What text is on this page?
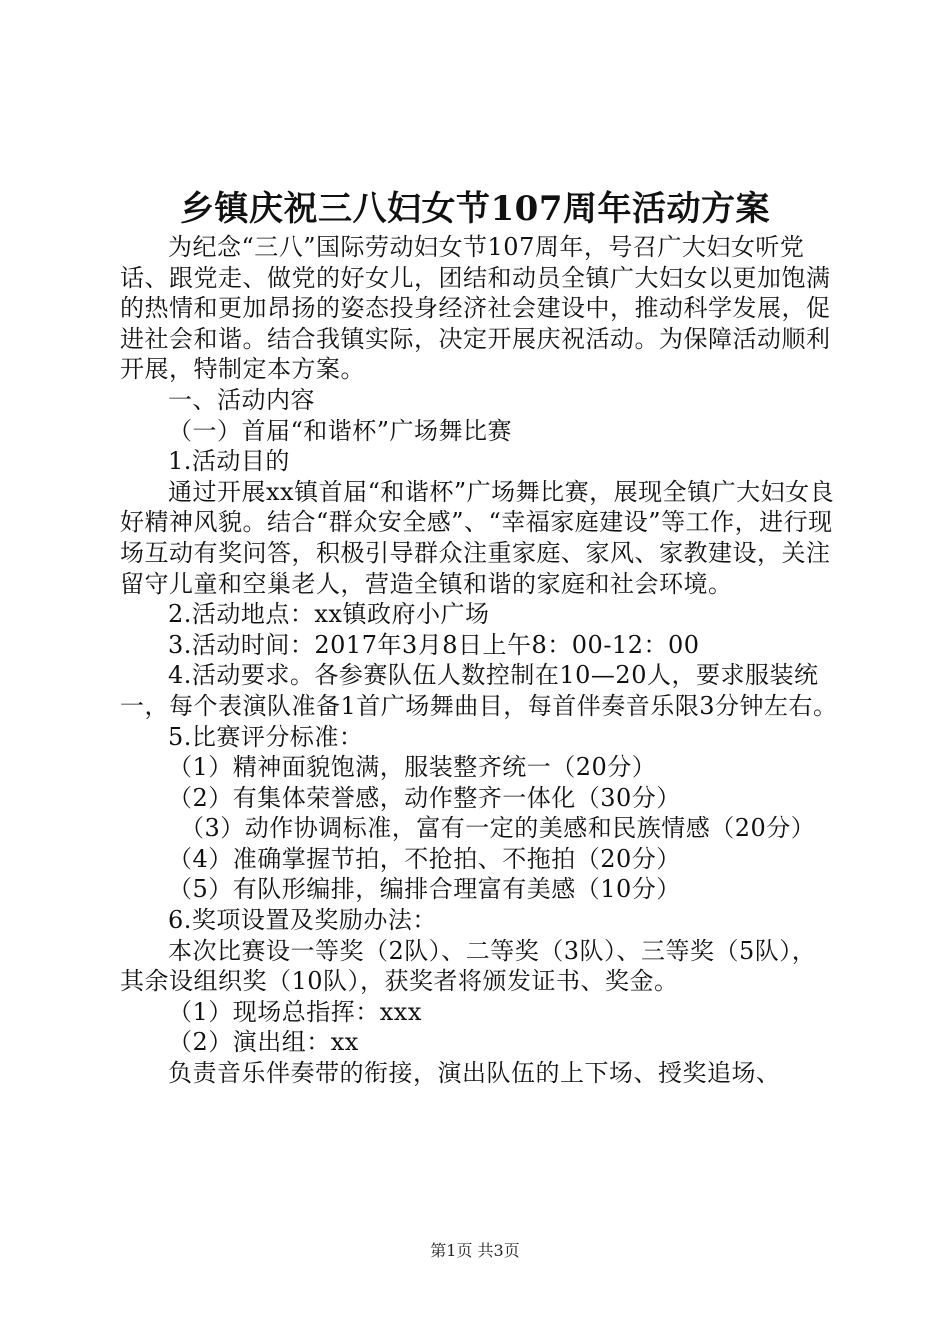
乡镇庆祝三八妇女节107周年活动方案

为纪念“三八”国际劳动妇女节107周年，号召广大妇女听党话、跟党走、做党的好女儿，团结和动员全镇广大妇女以更加饱满的热情和更加昂扬的姿态投身经济社会建设中，推动科学发展，促进社会和谐。结合我镇实际，决定开展庆祝活动。为保障活动顺利开展，特制定本方案。

一、活动内容

（一）首届“和谐杯”广场舞比赛

1.活动目的

通过开展xx镇首届“和谐杯”广场舞比赛，展现全镇广大妇女良好精神风貌。结合“群众安全感”、“幸福家庭建设”等工作，进行现场互动有奖问答，积极引导群众注重家庭、家风、家教建设，关注留守儿童和空巢老人，营造全镇和谐的家庭和社会环境。

2.活动地点：xx镇政府小广场

3.活动时间：2017年3月8日上午8：00-12：00

4.活动要求。各参赛队伍人数控制在10—20人，要求服装统一，每个表演队准备1首广场舞曲目，每首伴奏音乐限3分钟左右。

5.比赛评分标准：

（1）精神面貌饱满，服装整齐统一（20分）

（2）有集体荣誉感，动作整齐一体化（30分）

（3）动作协调标准，富有一定的美感和民族情感（20分）

（4）准确掌握节拍，不抢拍、不拖拍（20分）

（5）有队形编排，编排合理富有美感（10分）

6.奖项设置及奖励办法：

本次比赛设一等奖（2队）、二等奖（3队）、三等奖（5队），其余设组织奖（10队），获奖者将颁发证书、奖金。

（1）现场总指挥：xxx

（2）演出组：xx

负责音乐伴奏带的衔接，演出队伍的上下场、授奖追场、

第1页 共3页
